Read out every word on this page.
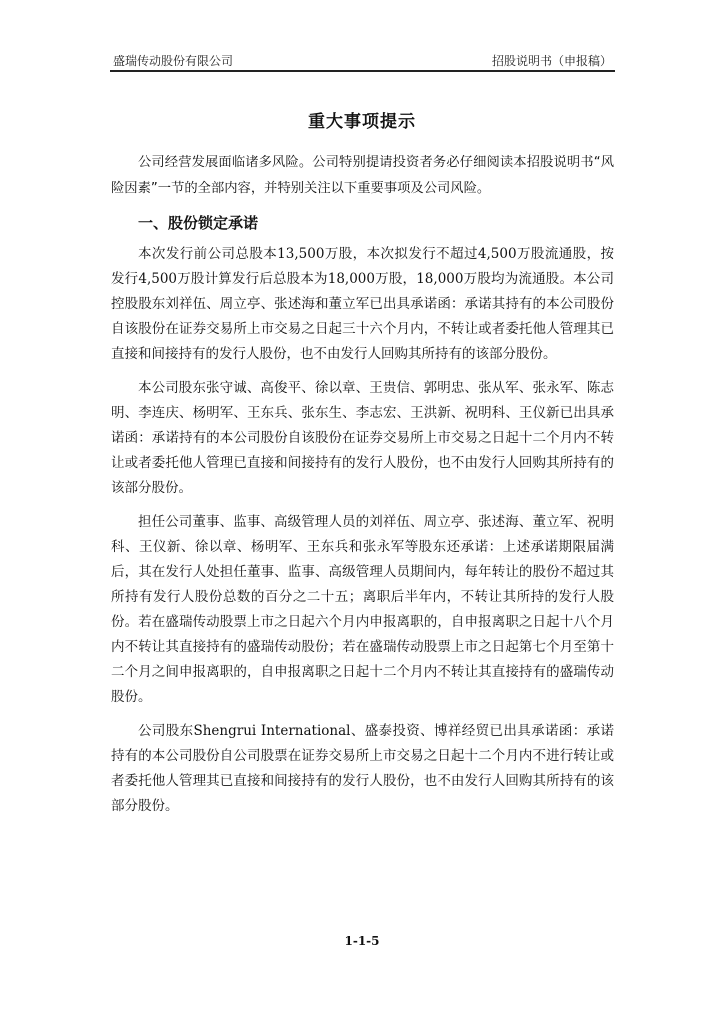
盛瑞传动股份有限公司	招股说明书（申报稿）
重大事项提示

公司经营发展面临诸多风险。公司特别提请投资者务必仔细阅读本招股说明书“风险因素”一节的全部内容，并特别关注以下重要事项及公司风险。

一、股份锁定承诺

本次发行前公司总股本13,500万股，本次拟发行不超过4,500万股流通股，按发行4,500万股计算发行后总股本为18,000万股，18,000万股均为流通股。本公司控股股东刘祥伍、周立亭、张述海和董立军已出具承诺函：承诺其持有的本公司股份自该股份在证券交易所上市交易之日起三十六个月内，不转让或者委托他人管理其已直接和间接持有的发行人股份，也不由发行人回购其所持有的该部分股份。

本公司股东张守诚、高俊平、徐以章、王贵信、郭明忠、张从军、张永军、陈志明、李连庆、杨明军、王东兵、张东生、李志宏、王洪新、祝明科、王仪新已出具承诺函：承诺持有的本公司股份自该股份在证券交易所上市交易之日起十二个月内不转让或者委托他人管理已直接和间接持有的发行人股份，也不由发行人回购其所持有的该部分股份。

担任公司董事、监事、高级管理人员的刘祥伍、周立亭、张述海、董立军、祝明科、王仪新、徐以章、杨明军、王东兵和张永军等股东还承诺：上述承诺期限届满后，其在发行人处担任董事、监事、高级管理人员期间内，每年转让的股份不超过其所持有发行人股份总数的百分之二十五；离职后半年内，不转让其所持的发行人股份。若在盛瑞传动股票上市之日起六个月内申报离职的，自申报离职之日起十八个月内不转让其直接持有的盛瑞传动股份；若在盛瑞传动股票上市之日起第七个月至第十二个月之间申报离职的，自申报离职之日起十二个月内不转让其直接持有的盛瑞传动股份。

公司股东Shengrui International、盛泰投资、博祥经贸已出具承诺函：承诺持有的本公司股份自公司股票在证券交易所上市交易之日起十二个月内不进行转让或者委托他人管理其已直接和间接持有的发行人股份，也不由发行人回购其所持有的该部分股份。

1-1-5
